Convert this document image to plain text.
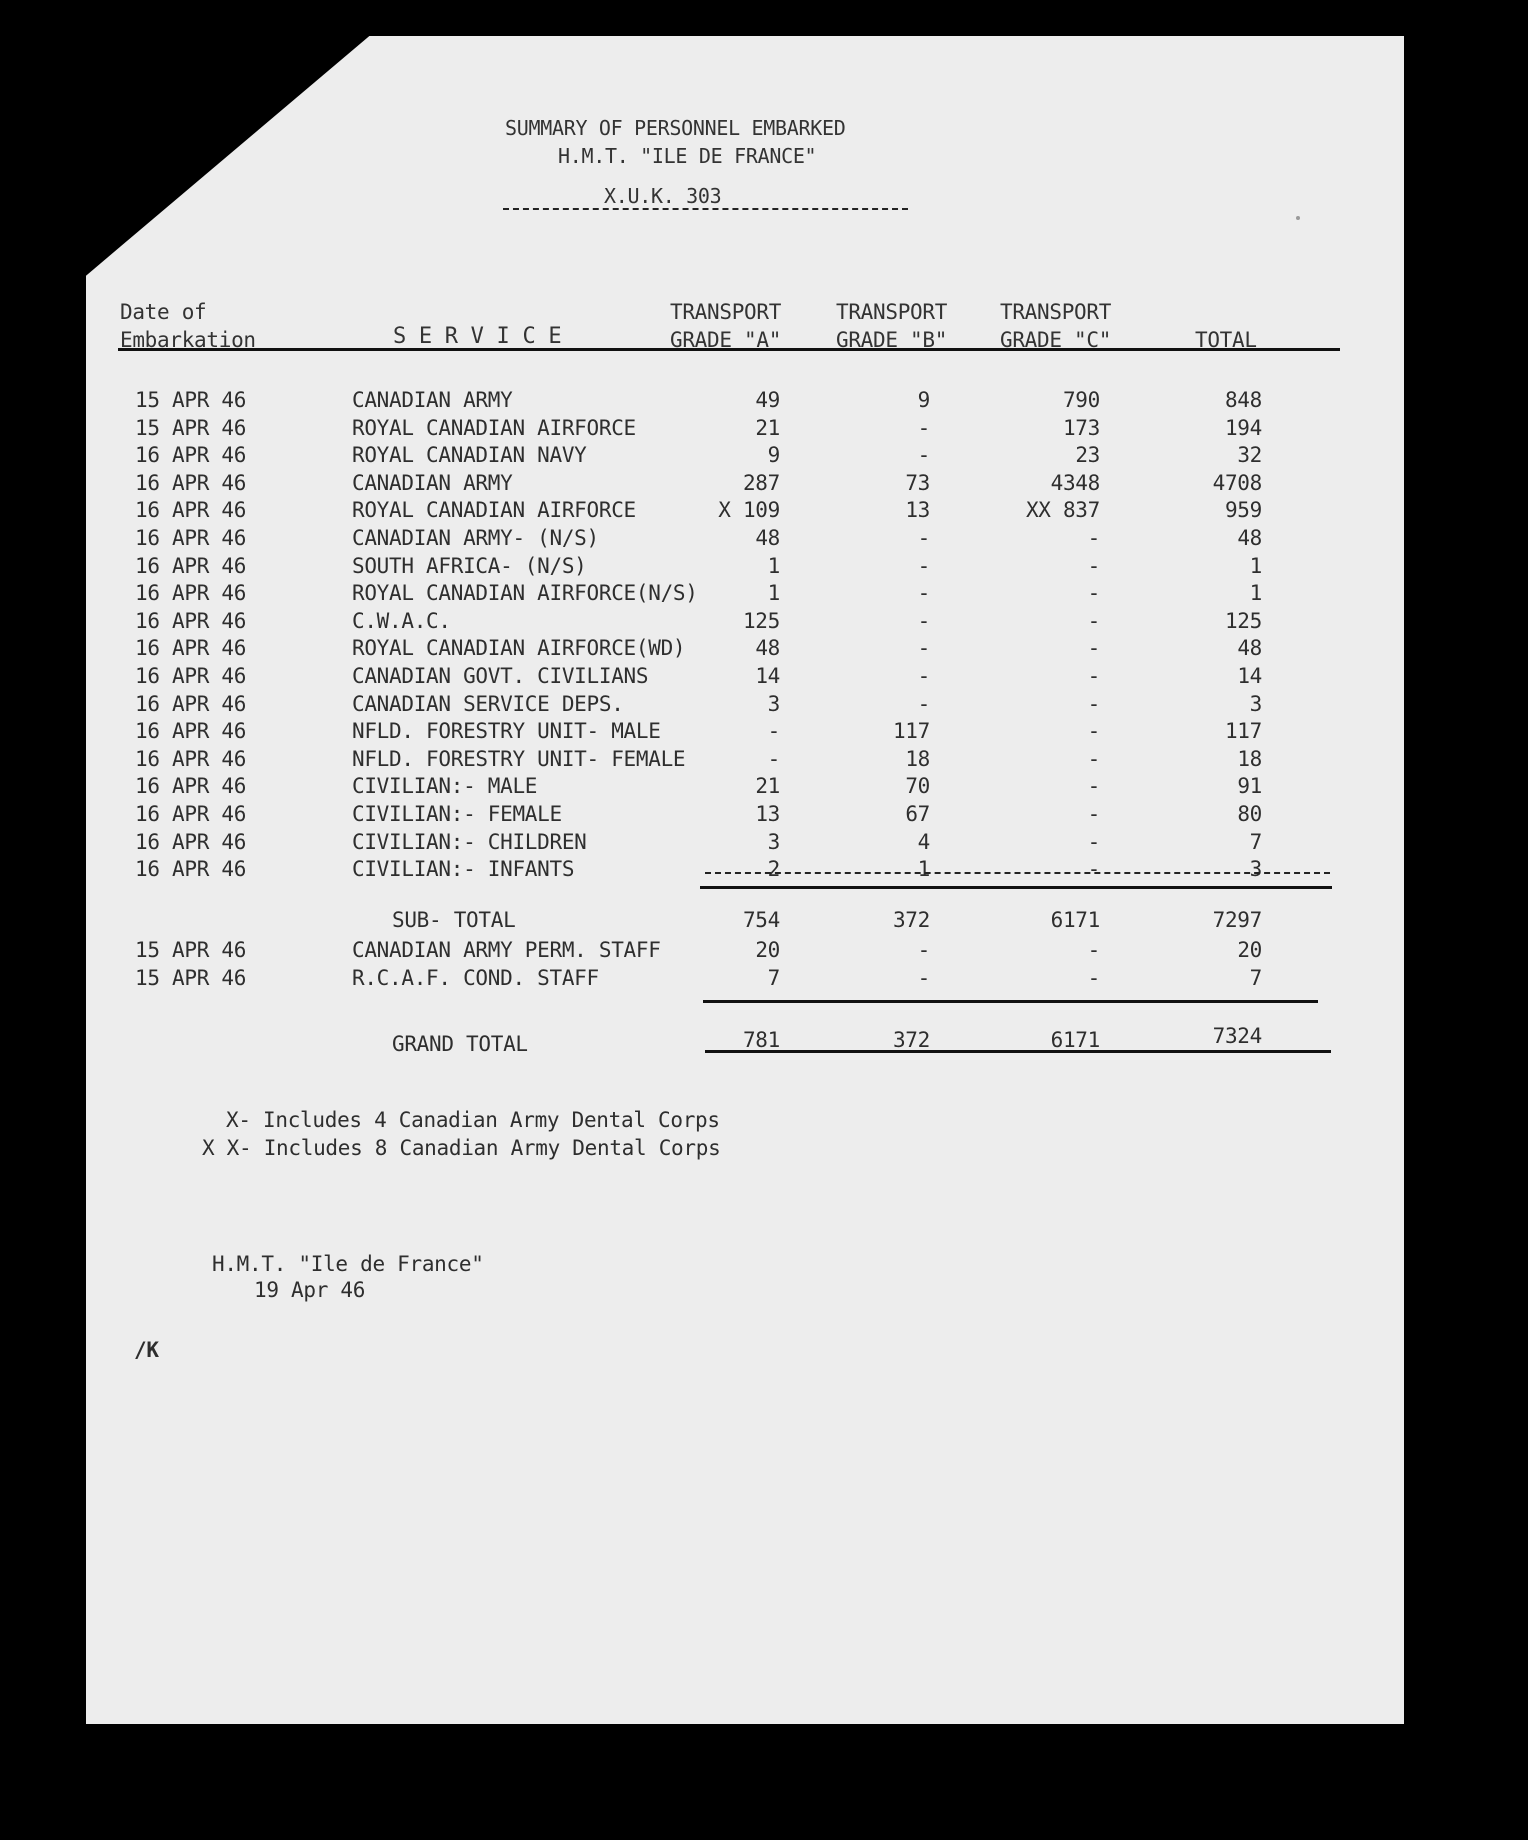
SUMMARY OF PERSONNEL EMBARKED
H.M.T. "ILE DE FRANCE"
X.U.K. 303
Date of
Embarkation	S E R V I C E
TRANSPORT
GRADE "A"
TRANSPORT
GRADE "B"
TRANSPORT
GRADE "C"	TOTAL
15 APR 46	CANADIAN ARMY	49	9	790	848
15 APR 46	ROYAL CANADIAN AIRFORCE	21	-	173	194
16 APR 46	ROYAL CANADIAN NAVY	9	-	23	32
16 APR 46	CANADIAN ARMY	287	73	4348	4708
16 APR 46	ROYAL CANADIAN AIRFORCE	X 109	13	XX 837	959
16 APR 46	CANADIAN ARMY- (N/S)	48	-	-	48
16 APR 46	SOUTH AFRICA- (N/S)	1	-	-	1
16 APR 46	ROYAL CANADIAN AIRFORCE(N/S)	1	-	-	1
16 APR 46	C.W.A.C.	125	-	-	125
16 APR 46	ROYAL CANADIAN AIRFORCE(WD)	48	-	-	48
16 APR 46	CANADIAN GOVT. CIVILIANS	14	-	-	14
16 APR 46	CANADIAN SERVICE DEPS.	3	-	-	3
16 APR 46	NFLD. FORESTRY UNIT- MALE	-	117	-	117
16 APR 46	NFLD. FORESTRY UNIT- FEMALE	-	18	-	18
16 APR 46	CIVILIAN:- MALE	21	70	-	91
16 APR 46	CIVILIAN:- FEMALE	13	67	-	80
16 APR 46	CIVILIAN:- CHILDREN	3	4	-	7
16 APR 46	CIVILIAN:- INFANTS	2	1	-	3
SUB- TOTAL	754	372	6171	7297
15 APR 46	CANADIAN ARMY PERM. STAFF	20	-	-	20
15 APR 46	R.C.A.F. COND. STAFF	7	-	-	7
GRAND TOTAL	781	372	6171	7324
X- Includes 4 Canadian Army Dental Corps
X X- Includes 8 Canadian Army Dental Corps
H.M.T. "Ile de France"
19 Apr 46
/K
